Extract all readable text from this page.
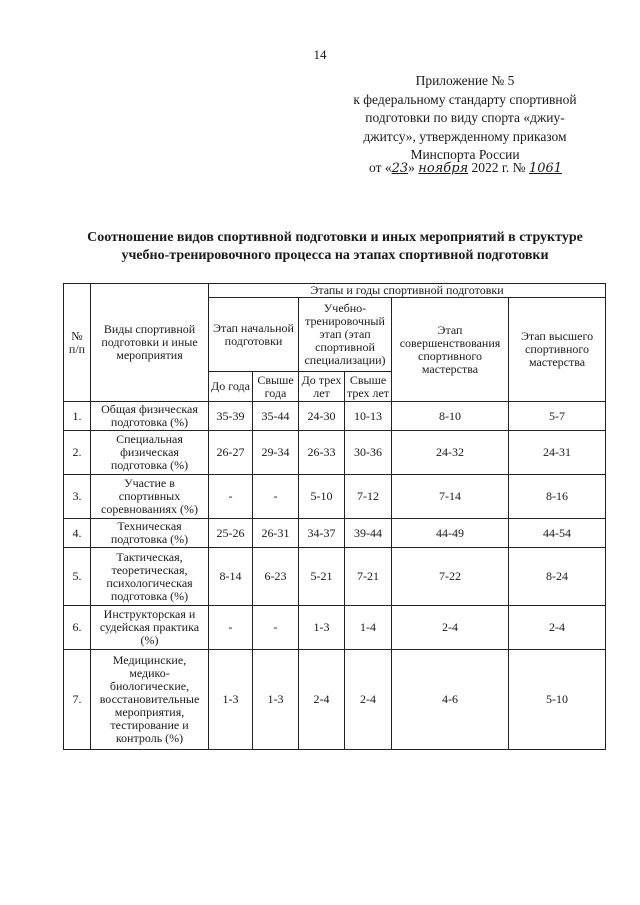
14
Приложение № 5
к федеральному стандарту спортивной
подготовки по виду спорта «джиу-
джитсу», утвержденному приказом
Минспорта России
от «23» ноября 2022 г. № 1061
Соотношение видов спортивной подготовки и иных мероприятий в структуре
учебно-тренировочного процесса на этапах спортивной подготовки
№ п/п	Виды спортивной подготовки и иные мероприятия	Этапы и годы спортивной подготовки					
		Этап начальной подготовки		Учебно-тренировочный этап (этап спортивной специализации)		Этап совершенствования спортивного мастерства	Этап высшего спортивного мастерства
		До года	Свыше года	До трех лет	Свыше трех лет		
1.	Общая физическая подготовка (%)	35-39	35-44	24-30	10-13	8-10	5-7
2.	Специальная физическая подготовка (%)	26-27	29-34	26-33	30-36	24-32	24-31
3.	Участие в спортивных соревнованиях (%)	-	-	5-10	7-12	7-14	8-16
4.	Техническая подготовка (%)	25-26	26-31	34-37	39-44	44-49	44-54
5.	Тактическая, теоретическая, психологическая подготовка (%)	8-14	6-23	5-21	7-21	7-22	8-24
6.	Инструкторская и судейская практика (%)	-	-	1-3	1-4	2-4	2-4
7.	Медицинские, медико-биологические, восстановительные мероприятия, тестирование и контроль (%)	1-3	1-3	2-4	2-4	4-6	5-10
